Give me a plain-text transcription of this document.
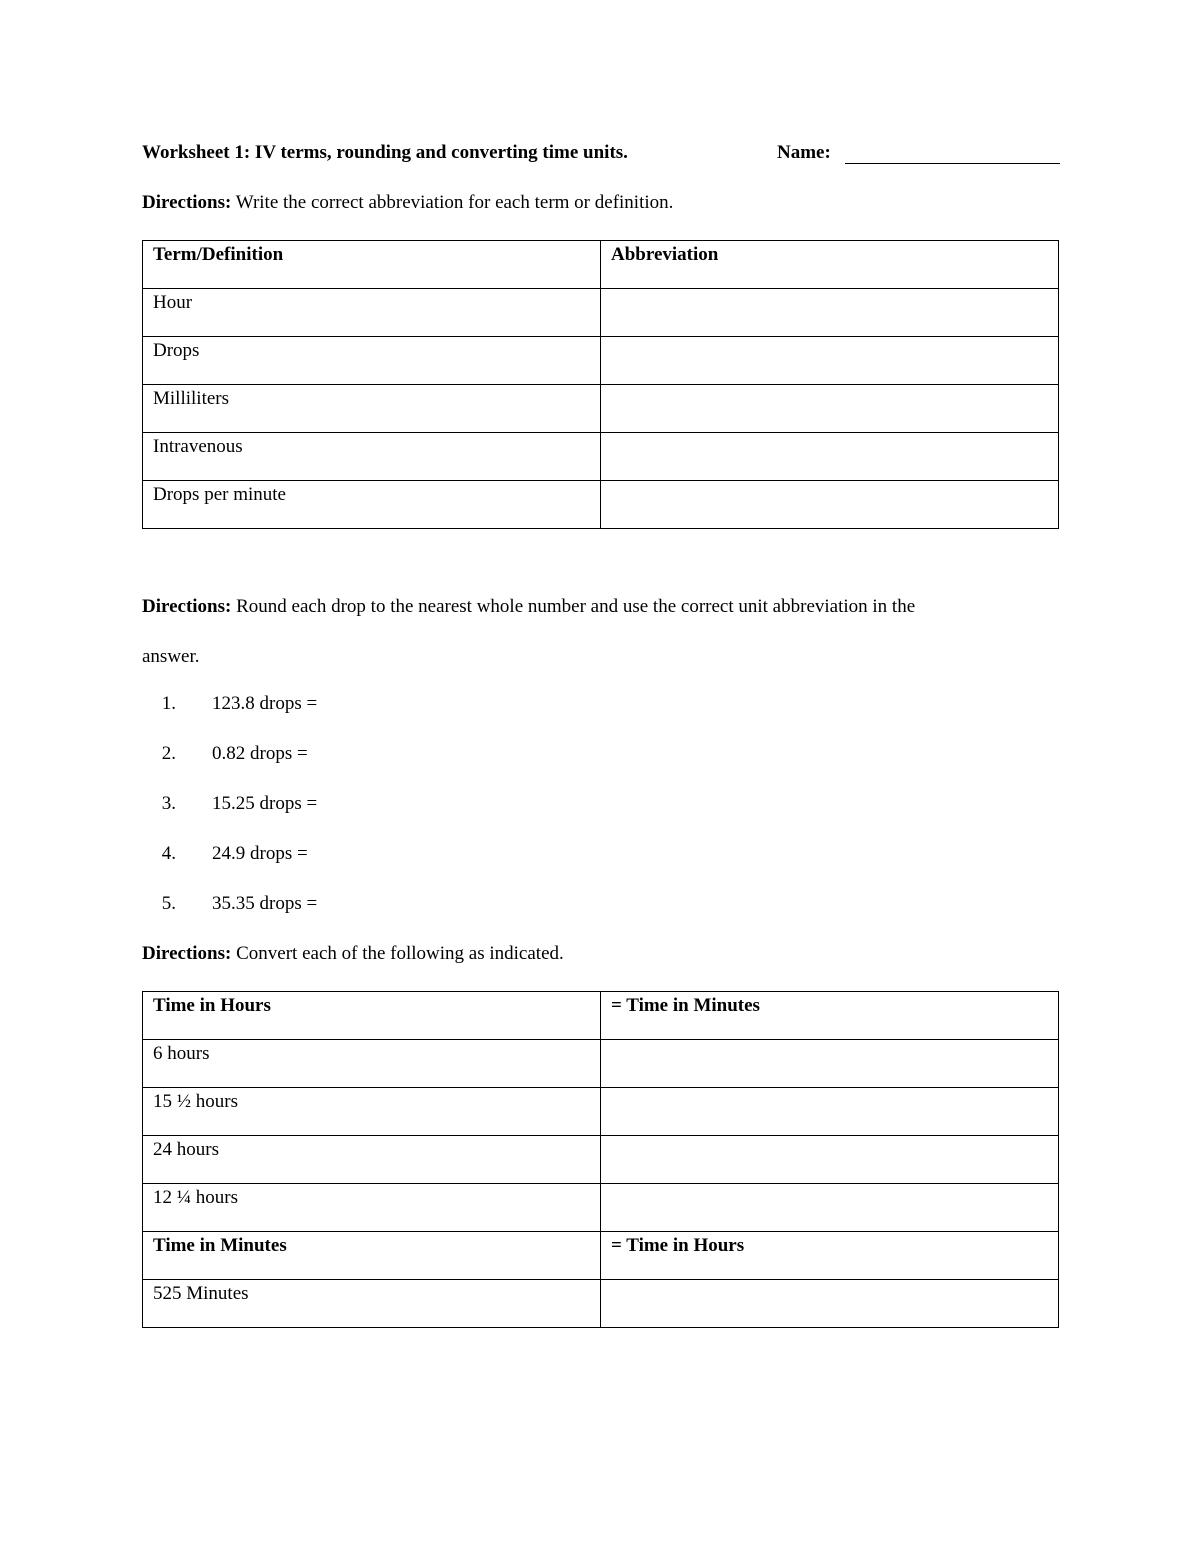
Worksheet 1: IV terms, rounding and converting time units.	Name:
Directions: Write the correct abbreviation for each term or definition.
Term/Definition	Abbreviation
Hour	
Drops	
Milliliters	
Intravenous	
Drops per minute	
Directions: Round each drop to the nearest whole number and use the correct unit abbreviation in the
answer.
1. 123.8 drops =
2. 0.82 drops =
3. 15.25 drops =
4. 24.9 drops =
5. 35.35 drops =
Directions: Convert each of the following as indicated.
Time in Hours	= Time in Minutes
6 hours	
15 ½ hours	
24 hours	
12 ¼ hours	
Time in Minutes	= Time in Hours
525 Minutes	
